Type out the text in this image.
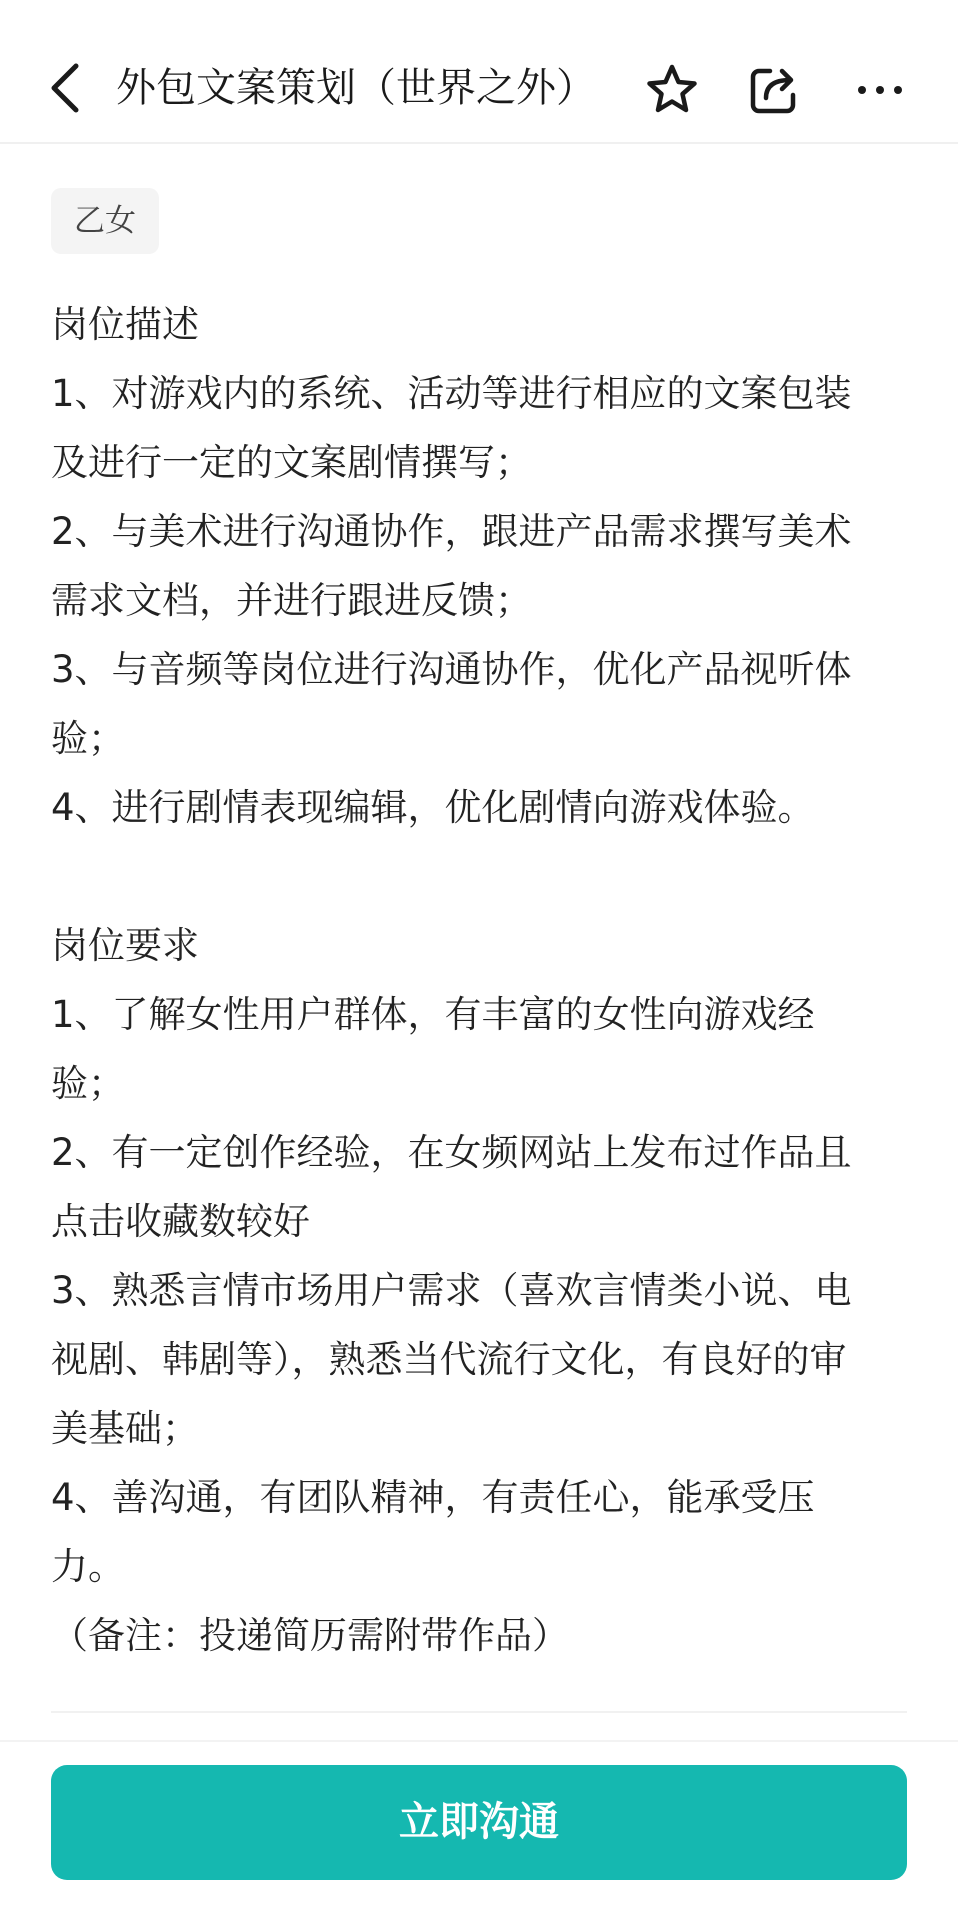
外包文案策划（世界之外）
乙女
岗位描述
1、对游戏内的系统、活动等进行相应的文案包装
及进行一定的文案剧情撰写；
2、与美术进行沟通协作，跟进产品需求撰写美术
需求文档，并进行跟进反馈；
3、与音频等岗位进行沟通协作，优化产品视听体
验；
4、进行剧情表现编辑，优化剧情向游戏体验。
岗位要求
1、了解女性用户群体，有丰富的女性向游戏经
验；
2、有一定创作经验，在女频网站上发布过作品且
点击收藏数较好
3、熟悉言情市场用户需求（喜欢言情类小说、电
视剧、韩剧等），熟悉当代流行文化，有良好的审
美基础；
4、善沟通，有团队精神，有责任心，能承受压
力。
（备注：投递简历需附带作品）
立即沟通
